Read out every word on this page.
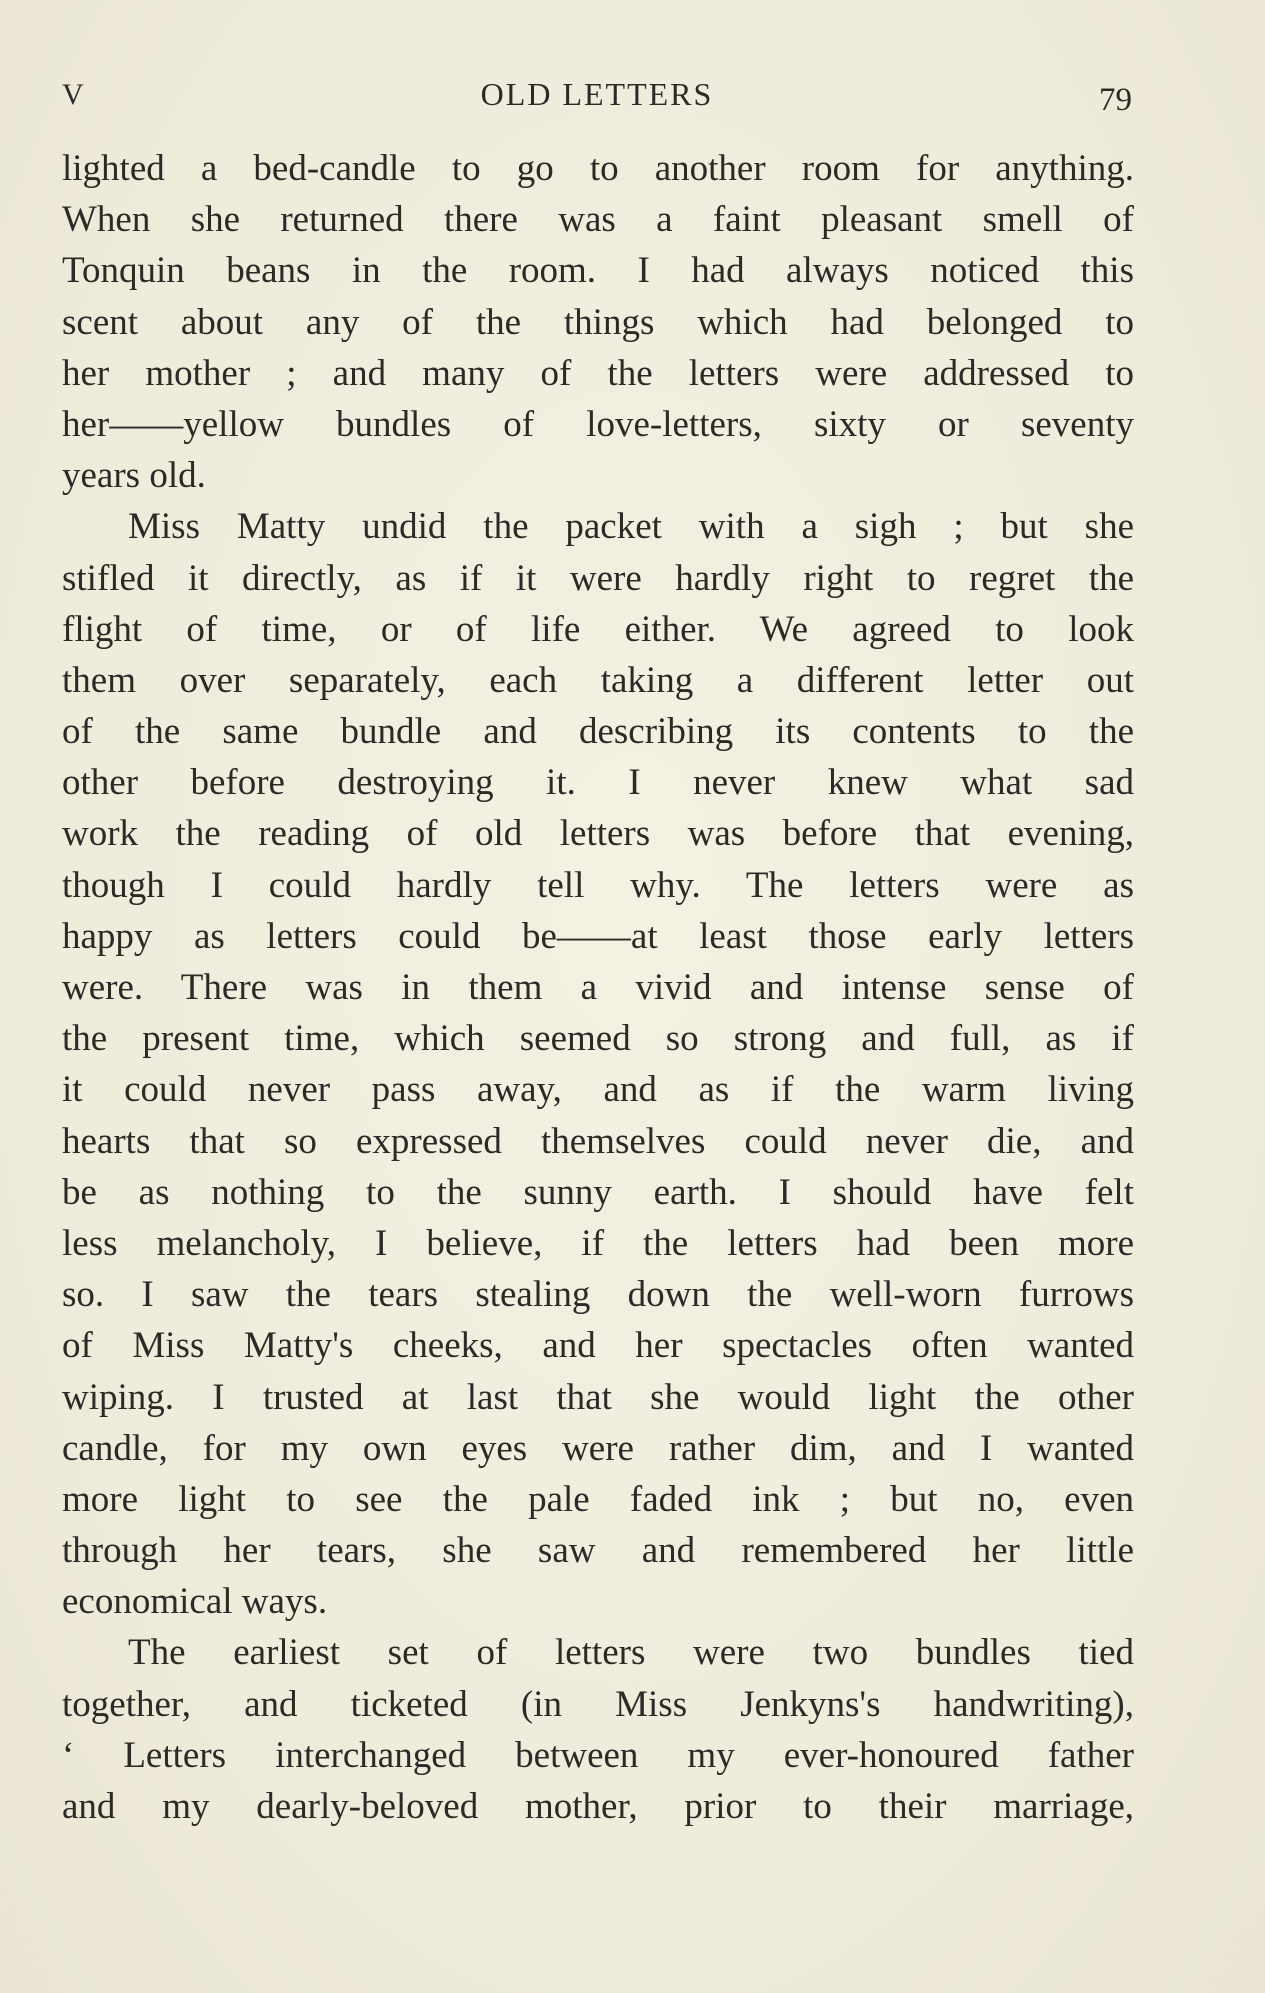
V	OLD LETTERS	79
lighted a bed-candle to go to another room for anything.
When she returned there was a faint pleasant smell of
Tonquin beans in the room. I had always noticed this
scent about any of the things which had belonged to
her mother ; and many of the letters were addressed to
her——yellow bundles of love-letters, sixty or seventy
years old.
Miss Matty undid the packet with a sigh ; but she
stifled it directly, as if it were hardly right to regret the
flight of time, or of life either. We agreed to look
them over separately, each taking a different letter out
of the same bundle and describing its contents to the
other before destroying it. I never knew what sad
work the reading of old letters was before that evening,
though I could hardly tell why. The letters were as
happy as letters could be——at least those early letters
were. There was in them a vivid and intense sense of
the present time, which seemed so strong and full, as if
it could never pass away, and as if the warm living
hearts that so expressed themselves could never die, and
be as nothing to the sunny earth. I should have felt
less melancholy, I believe, if the letters had been more
so. I saw the tears stealing down the well-worn furrows
of Miss Matty's cheeks, and her spectacles often wanted
wiping. I trusted at last that she would light the other
candle, for my own eyes were rather dim, and I wanted
more light to see the pale faded ink ; but no, even
through her tears, she saw and remembered her little
economical ways.
The earliest set of letters were two bundles tied
together, and ticketed (in Miss Jenkyns's handwriting),
‘ Letters interchanged between my ever-honoured father
and my dearly-beloved mother, prior to their marriage,
